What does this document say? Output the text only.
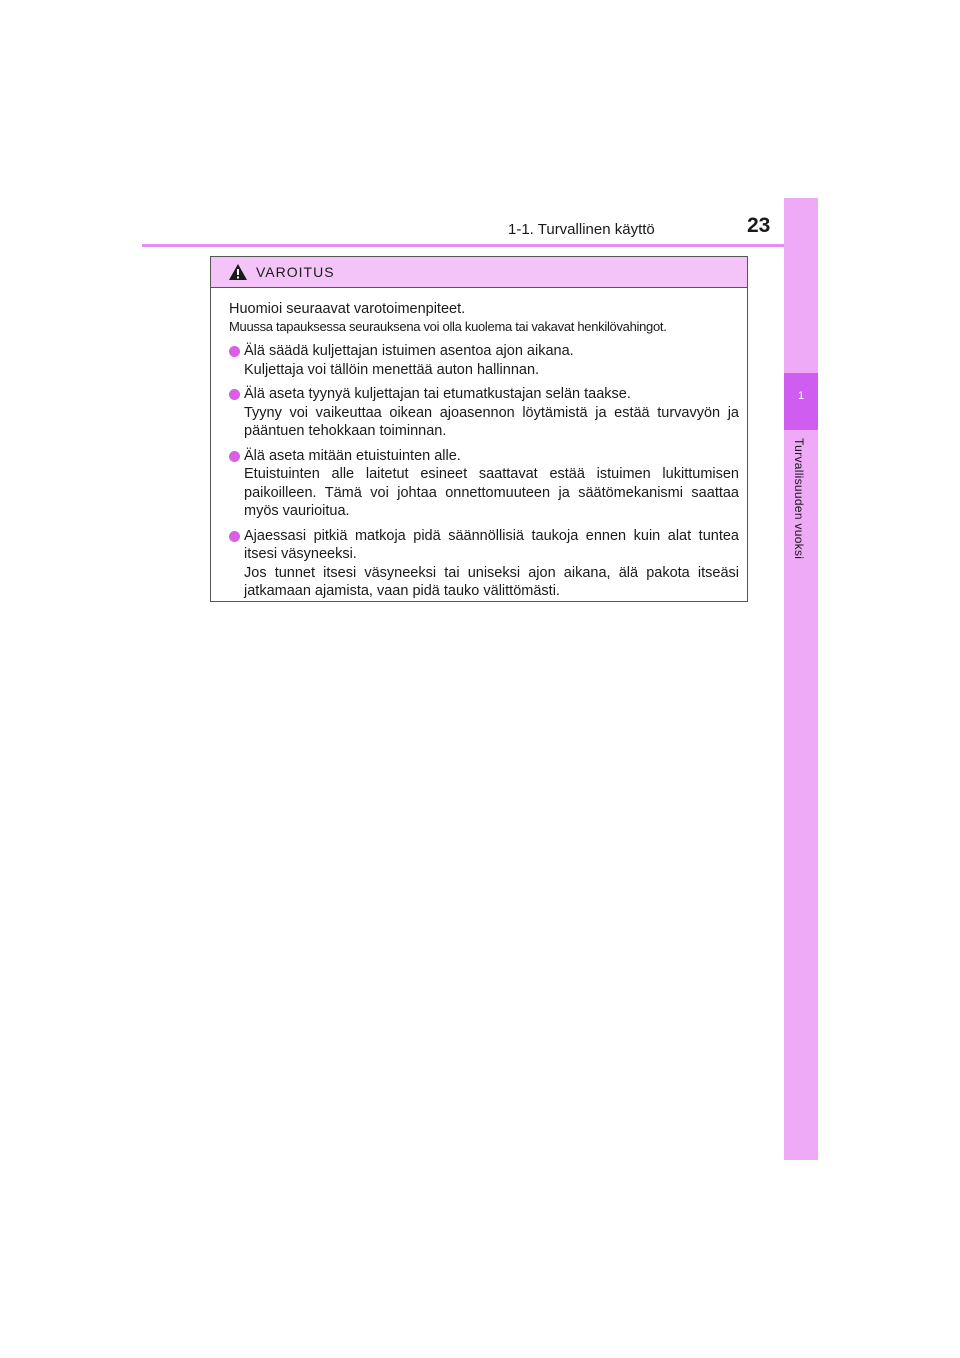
1-1. Turvallinen käyttö	23
1
Turvallisuuden vuoksi
VAROITUS
Huomioi seuraavat varotoimenpiteet.
Muussa tapauksessa seurauksena voi olla kuolema tai vakavat henkilövahingot.
Älä säädä kuljettajan istuimen asentoa ajon aikana.
Kuljettaja voi tällöin menettää auton hallinnan.
Älä aseta tyynyä kuljettajan tai etumatkustajan selän taakse.
Tyyny voi vaikeuttaa oikean ajoasennon löytämistä ja estää turvavyön ja pääntuen tehokkaan toiminnan.
Älä aseta mitään etuistuinten alle.
Etuistuinten alle laitetut esineet saattavat estää istuimen lukittumisen paikoilleen. Tämä voi johtaa onnettomuuteen ja säätömekanismi saattaa myös vaurioitua.
Ajaessasi pitkiä matkoja pidä säännöllisiä taukoja ennen kuin alat tuntea itsesi väsyneeksi.
Jos tunnet itsesi väsyneeksi tai uniseksi ajon aikana, älä pakota itseäsi jatkamaan ajamista, vaan pidä tauko välittömästi.
